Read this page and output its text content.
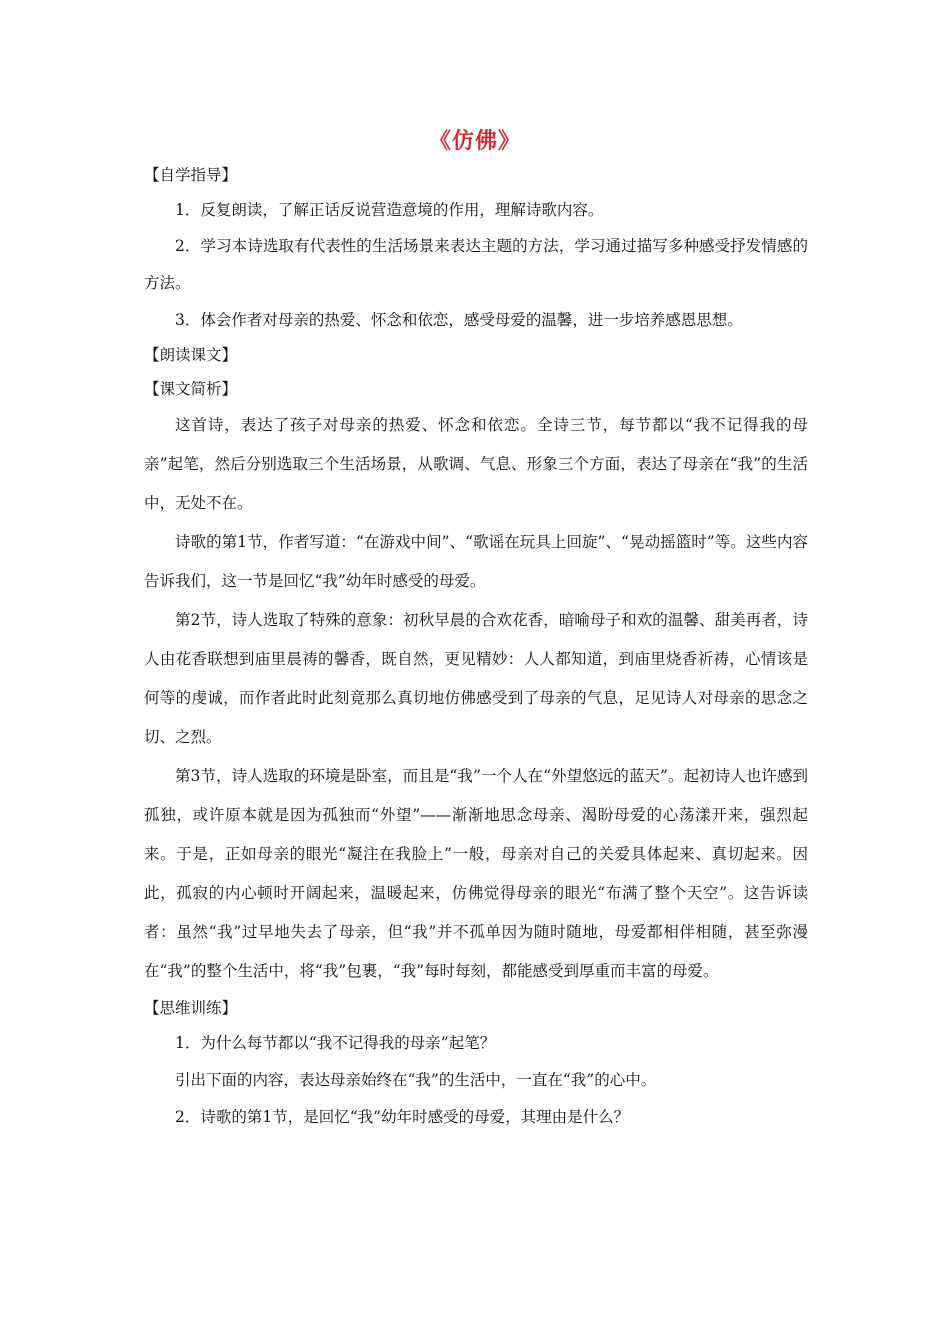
《仿佛》

【自学指导】

1．反复朗读，了解正话反说营造意境的作用，理解诗歌内容。

2．学习本诗选取有代表性的生活场景来表达主题的方法，学习通过描写多种感受抒发情感的方法。

3．体会作者对母亲的热爱、怀念和依恋，感受母爱的温馨，进一步培养感恩思想。

【朗读课文】

【课文简析】

这首诗，表达了孩子对母亲的热爱、怀念和依恋。全诗三节，每节都以“我不记得我的母亲”起笔，然后分别选取三个生活场景，从歌调、气息、形象三个方面，表达了母亲在“我”的生活中，无处不在。

诗歌的第1节，作者写道：“在游戏中间”、“歌谣在玩具上回旋”、“晃动摇篮时”等。这些内容告诉我们，这一节是回忆“我”幼年时感受的母爱。

第2节，诗人选取了特殊的意象：初秋早晨的合欢花香，暗喻母子和欢的温馨、甜美再者，诗人由花香联想到庙里晨祷的馨香，既自然，更见精妙：人人都知道，到庙里烧香祈祷，心情该是何等的虔诚，而作者此时此刻竟那么真切地仿佛感受到了母亲的气息，足见诗人对母亲的思念之切、之烈。

第3节，诗人选取的环境是卧室，而且是“我”一个人在“外望悠远的蓝天”。起初诗人也许感到孤独，或许原本就是因为孤独而“外望”——渐渐地思念母亲、渴盼母爱的心荡漾开来，强烈起来。于是，正如母亲的眼光“凝注在我脸上”一般，母亲对自己的关爱具体起来、真切起来。因此，孤寂的内心顿时开阔起来，温暖起来，仿佛觉得母亲的眼光“布满了整个天空”。这告诉读者：虽然“我”过早地失去了母亲，但“我”并不孤单因为随时随地，母爱都相伴相随，甚至弥漫在“我”的整个生活中，将“我”包裹，“我”每时每刻，都能感受到厚重而丰富的母爱。

【思维训练】

1．为什么每节都以“我不记得我的母亲”起笔？

引出下面的内容，表达母亲始终在“我”的生活中，一直在“我”的心中。

2．诗歌的第1节，是回忆“我”幼年时感受的母爱，其理由是什么？
